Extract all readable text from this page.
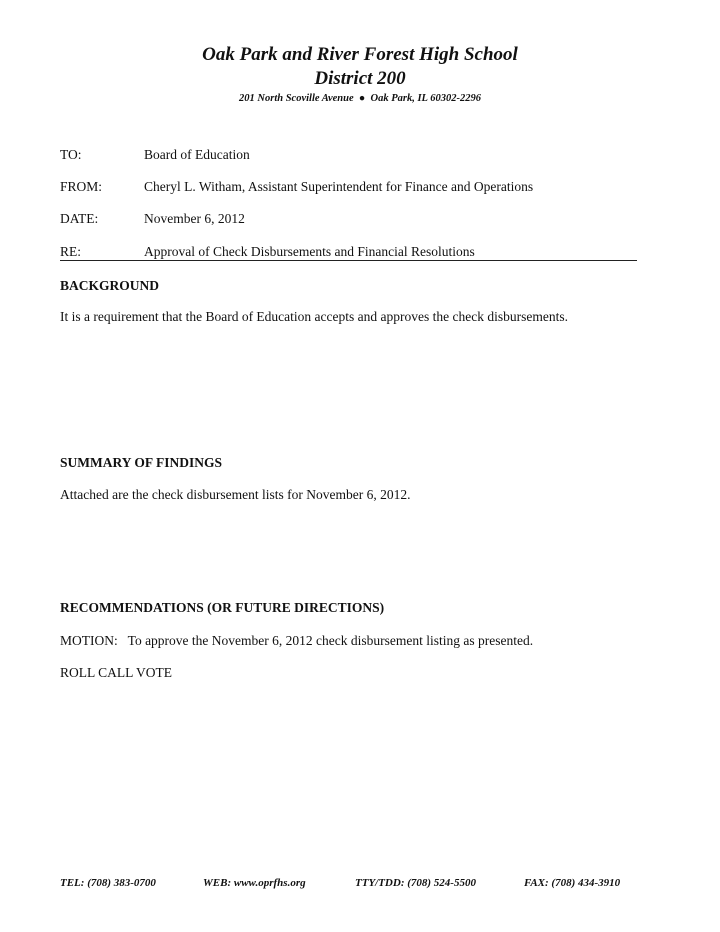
Oak Park and River Forest High School
District 200
201 North Scoville Avenue  ●  Oak Park, IL 60302-2296
TO:	Board of Education
FROM:	Cheryl L. Witham, Assistant Superintendent for Finance and Operations
DATE:	November 6, 2012
RE:	Approval of Check Disbursements and Financial Resolutions
BACKGROUND
It is a requirement that the Board of Education accepts and approves the check disbursements.
SUMMARY OF FINDINGS
Attached are the check disbursement lists for November 6, 2012.
RECOMMENDATIONS (OR FUTURE DIRECTIONS)
MOTION: To approve the November 6, 2012 check disbursement listing as presented.
ROLL CALL VOTE
TEL: (708) 383-0700	WEB: www.oprfhs.org	TTY/TDD: (708) 524-5500	FAX: (708) 434-3910
